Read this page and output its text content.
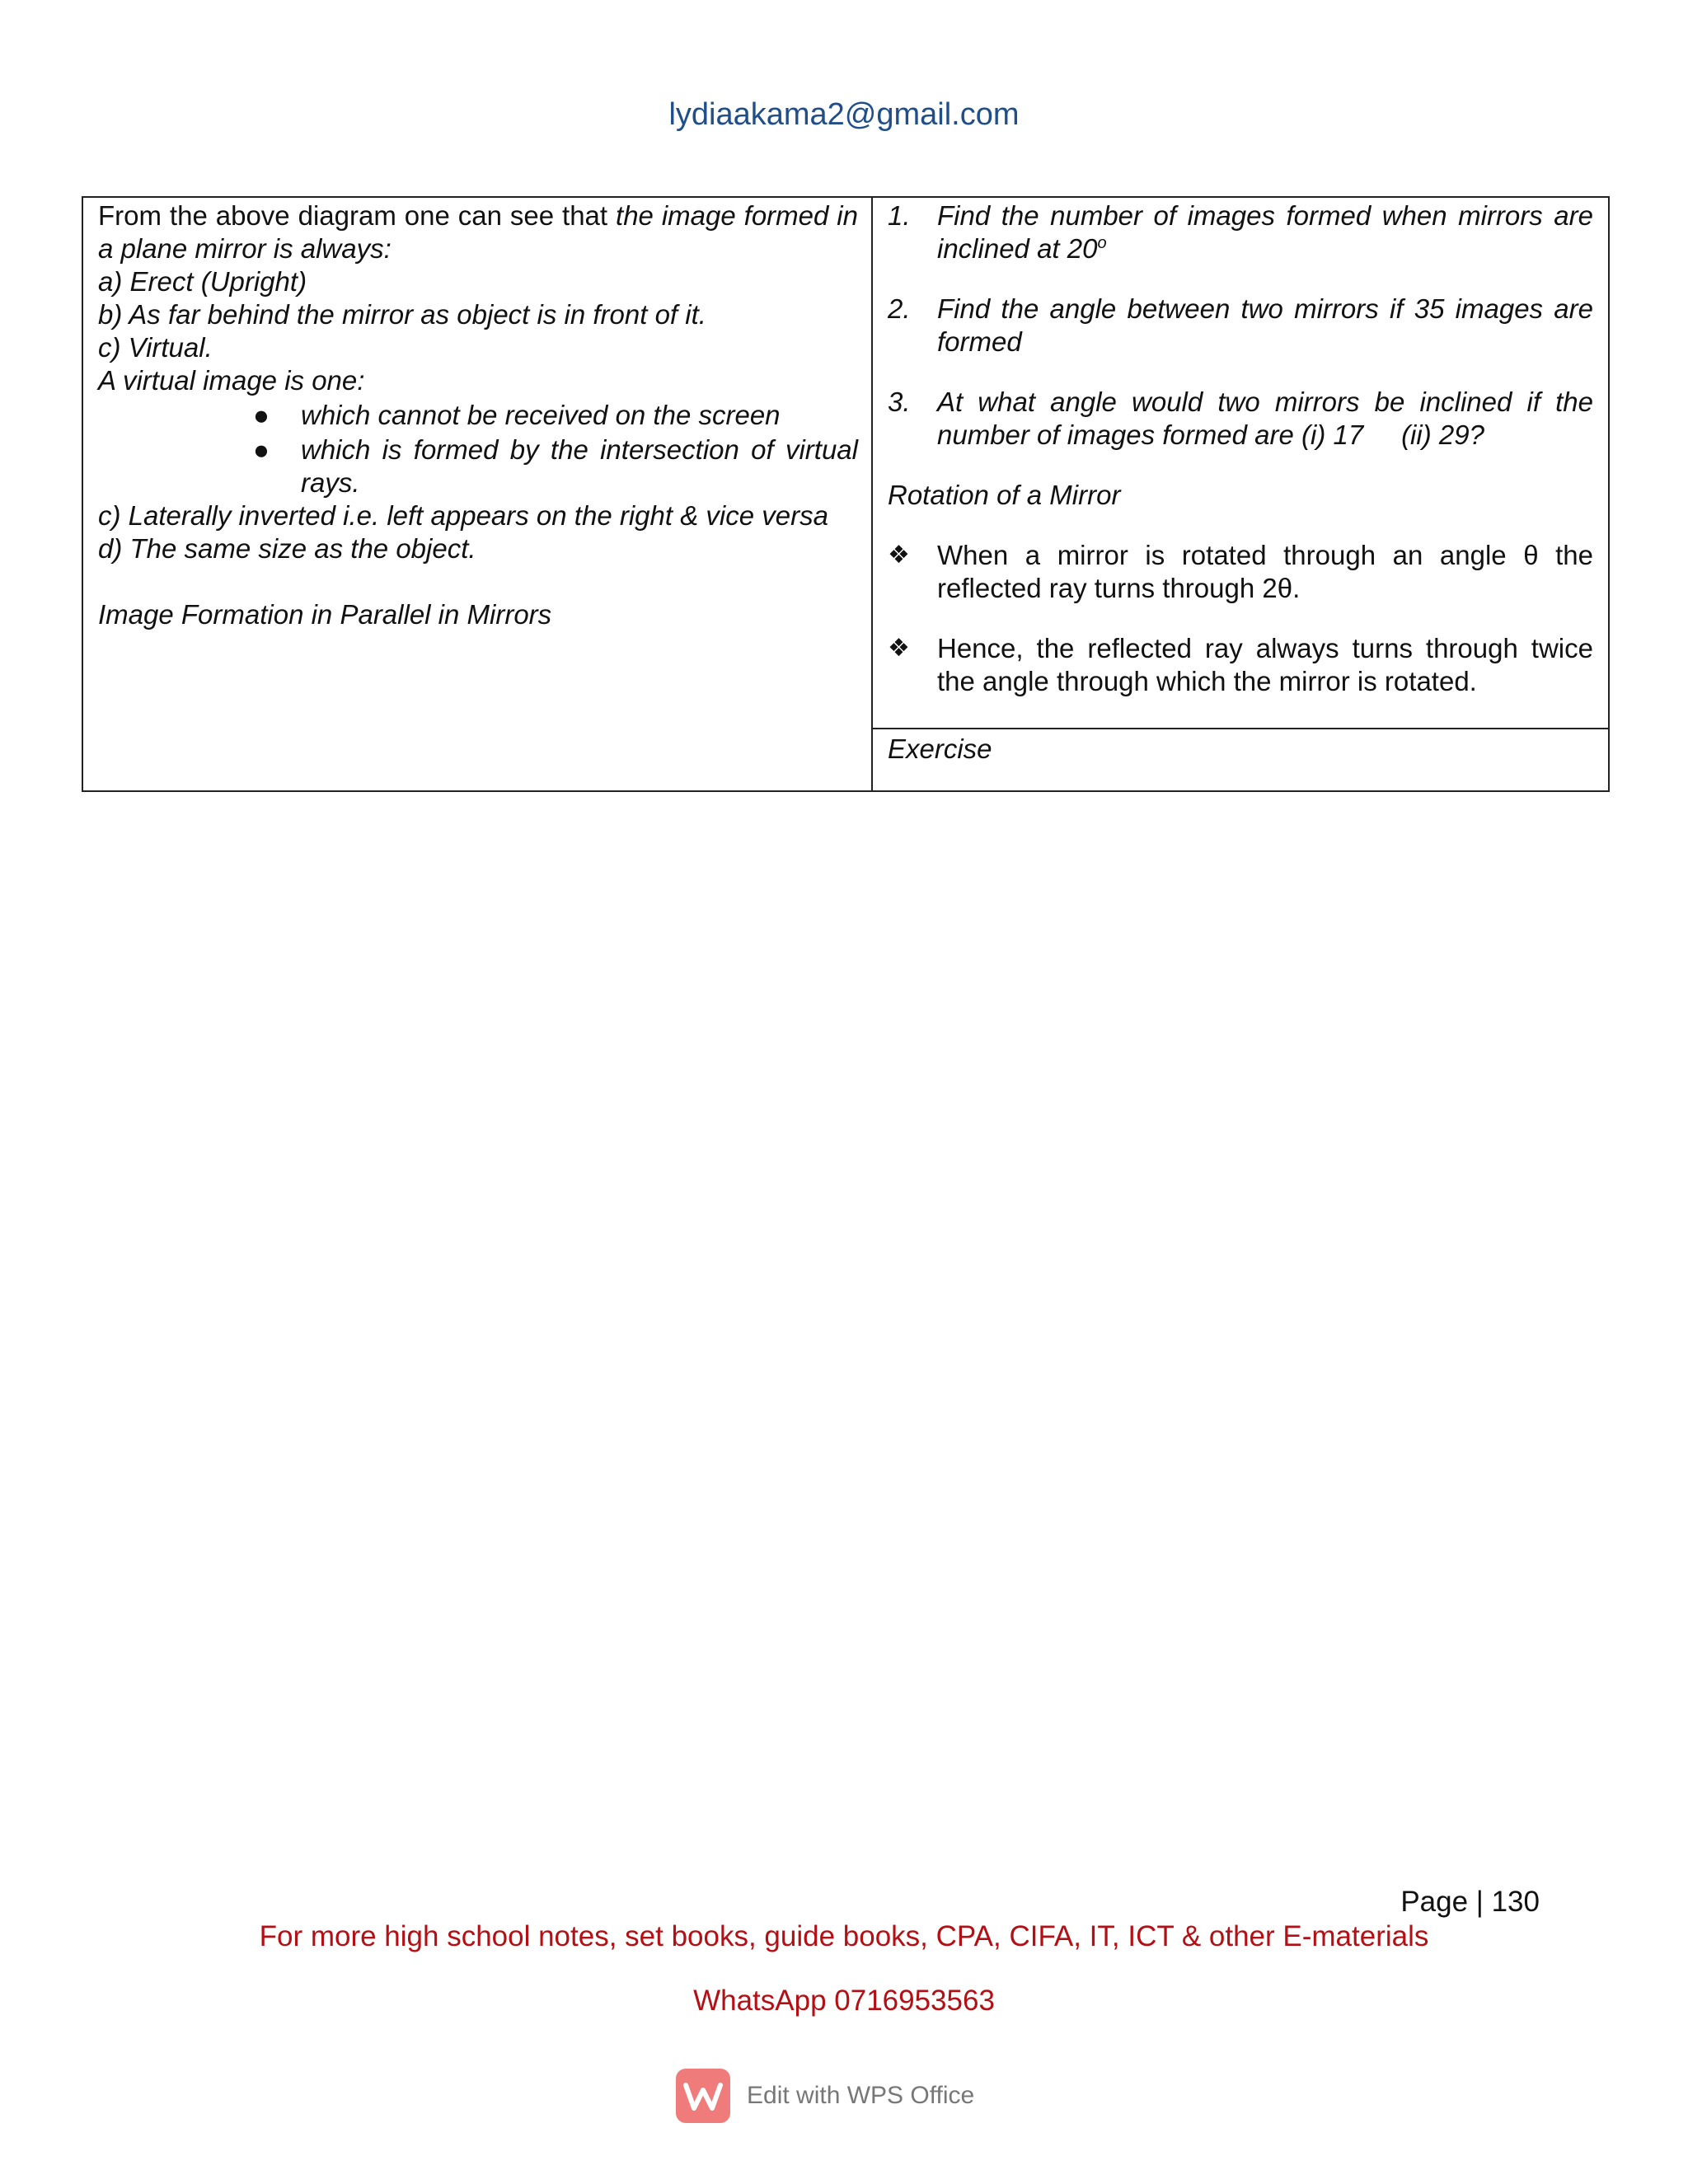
lydiaakama2@gmail.com
From the above diagram one can see that the image formed in a plane mirror is always:
a) Erect (Upright)
b) As far behind the mirror as object is in front of it.
c) Virtual.
A virtual image is one:
● which cannot be received on the screen
● which is formed by the intersection of virtual rays.
c) Laterally inverted i.e. left appears on the right & vice versa
d) The same size as the object.
Image Formation in Parallel in Mirrors
1. Find the number of images formed when mirrors are inclined at 20$^o$
2. Find the angle between two mirrors if 35 images are formed
3. At what angle would two mirrors be inclined if the number of images formed are (i) 17     (ii) 29?
Rotation of a Mirror
❖ When a mirror is rotated through an angle θ the reflected ray turns through 2θ.
❖ Hence, the reflected ray always turns through twice the angle through which the mirror is rotated.
Exercise
Page | 130
For more high school notes, set books, guide books, CPA, CIFA, IT, ICT & other E-materials
WhatsApp 0716953563
Edit with WPS Office
